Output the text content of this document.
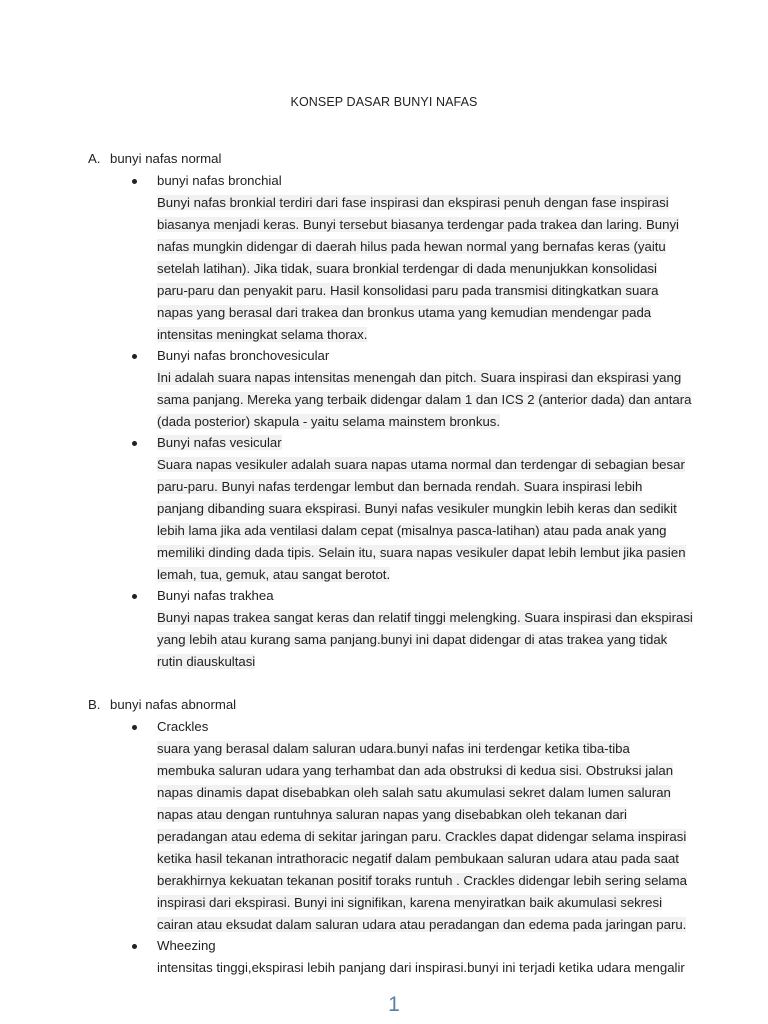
KONSEP DASAR BUNYI NAFAS
A. bunyi nafas normal
bunyi nafas bronchial
Bunyi nafas bronkial terdiri dari fase inspirasi dan ekspirasi penuh dengan fase inspirasi
biasanya menjadi keras. Bunyi tersebut biasanya terdengar pada trakea dan laring. Bunyi
nafas mungkin didengar di daerah hilus pada hewan normal yang bernafas keras (yaitu
setelah latihan). Jika tidak, suara bronkial terdengar di dada menunjukkan konsolidasi
paru-paru dan penyakit paru. Hasil konsolidasi paru pada transmisi ditingkatkan suara
napas yang berasal dari trakea dan bronkus utama yang kemudian mendengar pada
intensitas meningkat selama thorax.
Bunyi nafas bronchovesicular
Ini adalah suara napas intensitas menengah dan pitch. Suara inspirasi dan ekspirasi yang
sama panjang. Mereka yang terbaik didengar dalam 1 dan ICS 2 (anterior dada) dan antara
(dada posterior) skapula - yaitu selama mainstem bronkus.
Bunyi nafas vesicular
Suara napas vesikuler adalah suara napas utama normal dan terdengar di sebagian besar
paru-paru. Bunyi nafas terdengar lembut dan bernada rendah. Suara inspirasi lebih
panjang dibanding suara ekspirasi. Bunyi nafas vesikuler mungkin lebih keras dan sedikit
lebih lama jika ada ventilasi dalam cepat (misalnya pasca-latihan) atau pada anak yang
memiliki dinding dada tipis. Selain itu, suara napas vesikuler dapat lebih lembut jika pasien
lemah, tua, gemuk, atau sangat berotot.
Bunyi nafas trakhea
Bunyi napas trakea sangat keras dan relatif tinggi melengking. Suara inspirasi dan ekspirasi
yang lebih atau kurang sama panjang.bunyi ini dapat didengar di atas trakea yang tidak
rutin diauskultasi
B. bunyi nafas abnormal
Crackles
suara yang berasal dalam saluran udara.bunyi nafas ini terdengar ketika tiba-tiba
membuka saluran udara yang terhambat dan ada obstruksi di kedua sisi. Obstruksi jalan
napas dinamis dapat disebabkan oleh salah satu akumulasi sekret dalam lumen saluran
napas atau dengan runtuhnya saluran napas yang disebabkan oleh tekanan dari
peradangan atau edema di sekitar jaringan paru. Crackles dapat didengar selama inspirasi
ketika hasil tekanan intrathoracic negatif dalam pembukaan saluran udara atau pada saat
berakhirnya kekuatan tekanan positif toraks runtuh . Crackles didengar lebih sering selama
inspirasi dari ekspirasi. Bunyi ini signifikan, karena menyiratkan baik akumulasi sekresi
cairan atau eksudat dalam saluran udara atau peradangan dan edema pada jaringan paru.
Wheezing
intensitas tinggi,ekspirasi lebih panjang dari inspirasi.bunyi ini terjadi ketika udara mengalir
1
